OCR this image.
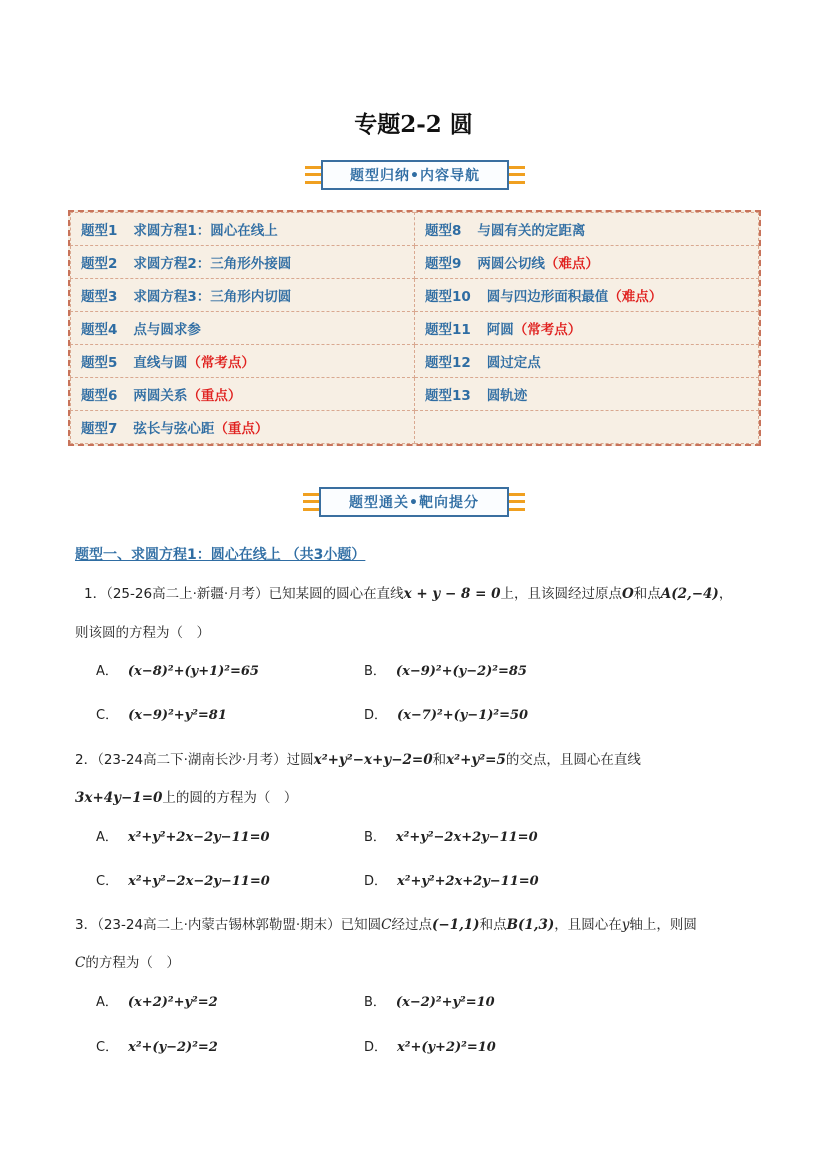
专题2-2 圆
题型归纳•内容导航
题型1 求圆方程1：圆心在线上	题型8 与圆有关的定距离
题型2 求圆方程2：三角形外接圆	题型9 两圆公切线（难点）
题型3 求圆方程3：三角形内切圆	题型10 圆与四边形面积最值（难点）
题型4 点与圆求参	题型11 阿圆（常考点）
题型5 直线与圆（常考点）	题型12 圆过定点
题型6 两圆关系（重点）	题型13 圆轨迹
题型7 弦长与弦心距（重点）	
题型通关•靶向提分
题型一、求圆方程1：圆心在线上 （共3小题）
1．（25-26高二上·新疆·月考）已知某圆的圆心在直线x + y − 8 = 0上，且该圆经过原点O和点A(2,−4)，
则该圆的方程为（　）
A． (x−8)²+(y+1)²=65	B． (x−9)²+(y−2)²=85
C． (x−9)²+y²=81	D． (x−7)²+(y−1)²=50
2．（23-24高二下·湖南长沙·月考）过圆x²+y²−x+y−2=0和x²+y²=5的交点，且圆心在直线
3x+4y−1=0上的圆的方程为（　）
A． x²+y²+2x−2y−11=0	B． x²+y²−2x+2y−11=0
C． x²+y²−2x−2y−11=0	D． x²+y²+2x+2y−11=0
3．（23-24高二上·内蒙古锡林郭勒盟·期末）已知圆C经过点(−1,1)和点B(1,3)，且圆心在y轴上，则圆
C的方程为（　）
A． (x+2)²+y²=2	B． (x−2)²+y²=10
C． x²+(y−2)²=2	D． x²+(y+2)²=10
